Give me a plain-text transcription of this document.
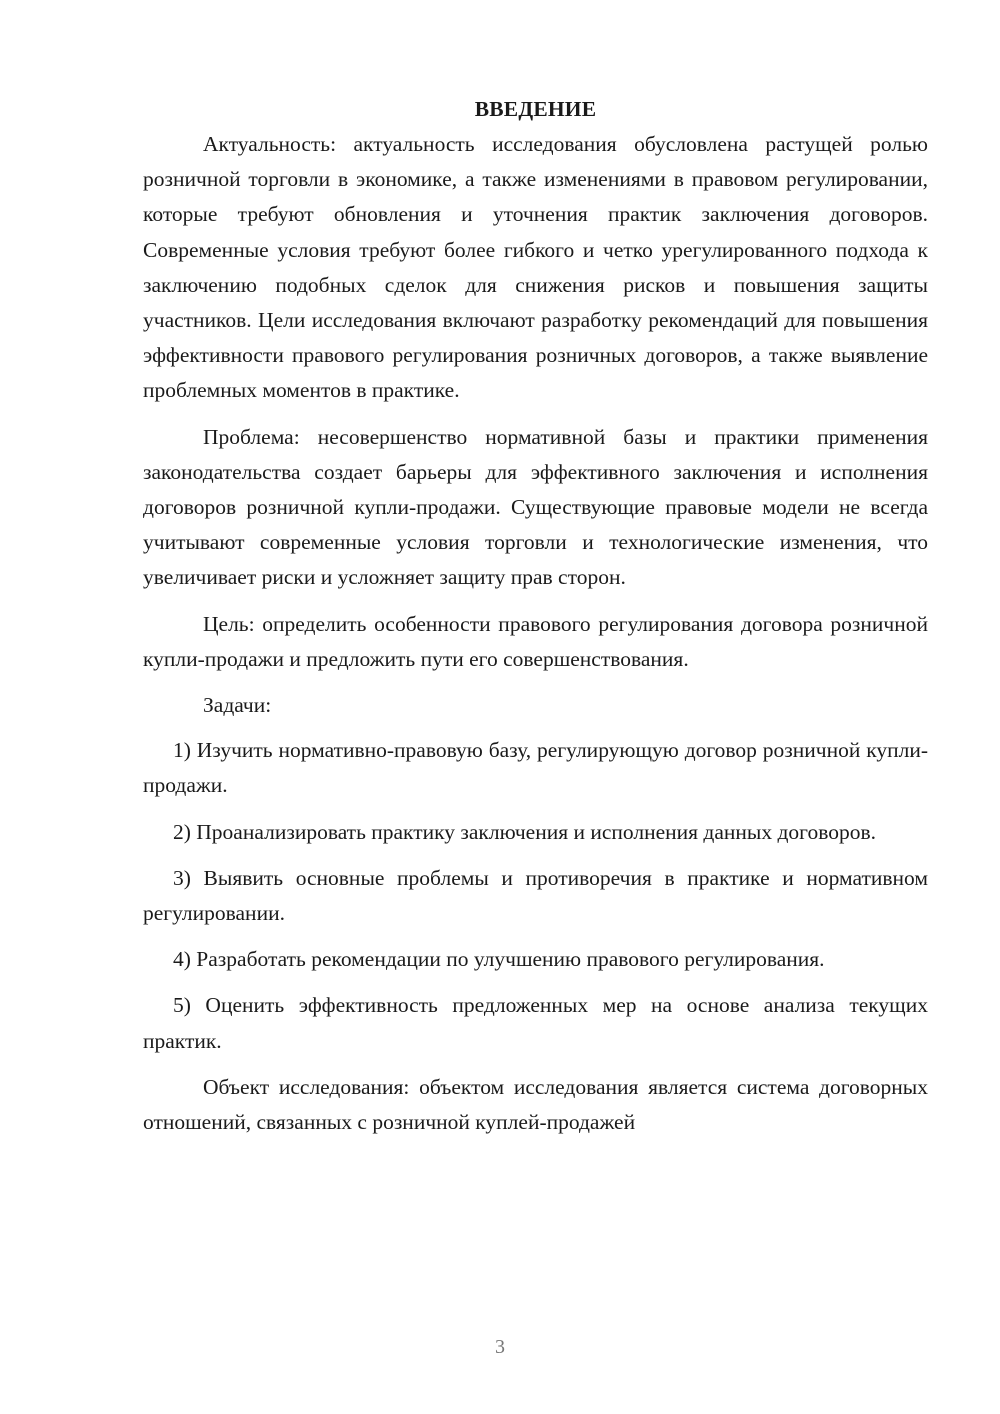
ВВЕДЕНИЕ

Актуальность: актуальность исследования обусловлена растущей ролью розничной торговли в экономике, а также изменениями в правовом регулировании, которые требуют обновления и уточнения практик заключения договоров. Современные условия требуют более гибкого и четко урегулированного подхода к заключению подобных сделок для снижения рисков и повышения защиты участников. Цели исследования включают разработку рекомендаций для повышения эффективности правового регулирования розничных договоров, а также выявление проблемных моментов в практике.

Проблема: несовершенство нормативной базы и практики применения законодательства создает барьеры для эффективного заключения и исполнения договоров розничной купли-продажи. Существующие правовые модели не всегда учитывают современные условия торговли и технологические изменения, что увеличивает риски и усложняет защиту прав сторон.

Цель: определить особенности правового регулирования договора розничной купли-продажи и предложить пути его совершенствования.

Задачи:

1) Изучить нормативно-правовую базу, регулирующую договор розничной купли-продажи.

2) Проанализировать практику заключения и исполнения данных договоров.

3) Выявить основные проблемы и противоречия в практике и нормативном регулировании.

4) Разработать рекомендации по улучшению правового регулирования.

5) Оценить эффективность предложенных мер на основе анализа текущих практик.

Объект исследования: объектом исследования является система договорных отношений, связанных с розничной куплей-продажей

3
